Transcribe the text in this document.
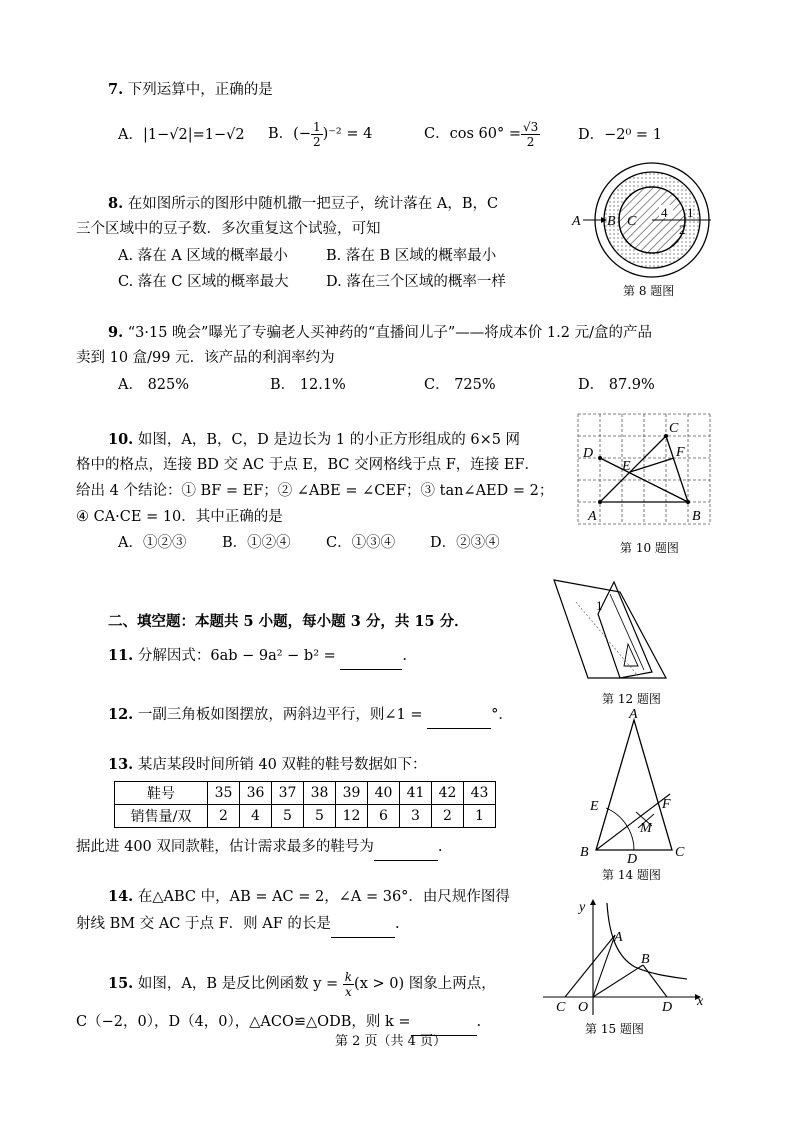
7. 下列运算中，正确的是
A．|1−√2|=1−√2 B．(− $\frac{1}{2} )^{-2} = 4$	C．$\cos 60^\circ = \frac{√3}{2}$	D．−2⁰ = 1
8. 在如图所示的图形中随机撒一把豆子，统计落在 A，B，C
三个区域中的豆子数．多次重复这个试验，可知
A. 落在 A 区域的概率最小	B. 落在 B 区域的概率最小
C. 落在 C 区域的概率最大	D. 落在三个区域的概率一样
A B C
4 1
2
第 8 题图
9. “3·15 晚会”曝光了专骗老人买神药的“直播间儿子”——将成本价 1.2 元/盒的产品
卖到 10 盒/99 元．该产品的利润率约为
A． 825%	B． 12.1%	C． 725%	D． 87.9%
10. 如图，A，B，C，D 是边长为 1 的小正方形组成的 6×5 网
格中的格点，连接 BD 交 AC 于点 E，BC 交网格线于点 F，连接 EF．
给出 4 个结论：① BF = EF；② ∠ABE = ∠CEF；③ tan∠AED = 2；
④ CA·CE = 10．其中正确的是
A．①②③ B．①②④ C．①③④ D．②③④
A	B
C
D
E
F
第 10 题图
1
第 12 题图
二、填空题：本题共 5 小题，每小题 3 分，共 15 分．
11. 分解因式：6ab − 9a² − b² =	.
12. 一副三角板如图摆放，两斜边平行，则∠1 =	°．
13. 某店某段时间所销 40 双鞋的鞋号数据如下：
鞋号	35	36	37	38	39	40	41	42	43
销售量/双	2	4	5	5	12	6	3	2	1
据此进 400 双同款鞋，估计需求最多的鞋号为	.
A
B	C
D
E	F
M
第 14 题图
14. 在△ABC 中，AB = AC = 2，∠A = 36°．由尺规作图得
射线 BM 交 AC 于点 F．则 AF 的长是	.
15. 如图，A，B 是反比例函数 $y = \frac{k}{x} (x > 0)$ 图象上两点，
C（−2，0），D（4，0），△ACO≌△ODB，则 k =	.
y
x
A
B
C O	D
第 15 题图
第 2 页（共 4 页）
